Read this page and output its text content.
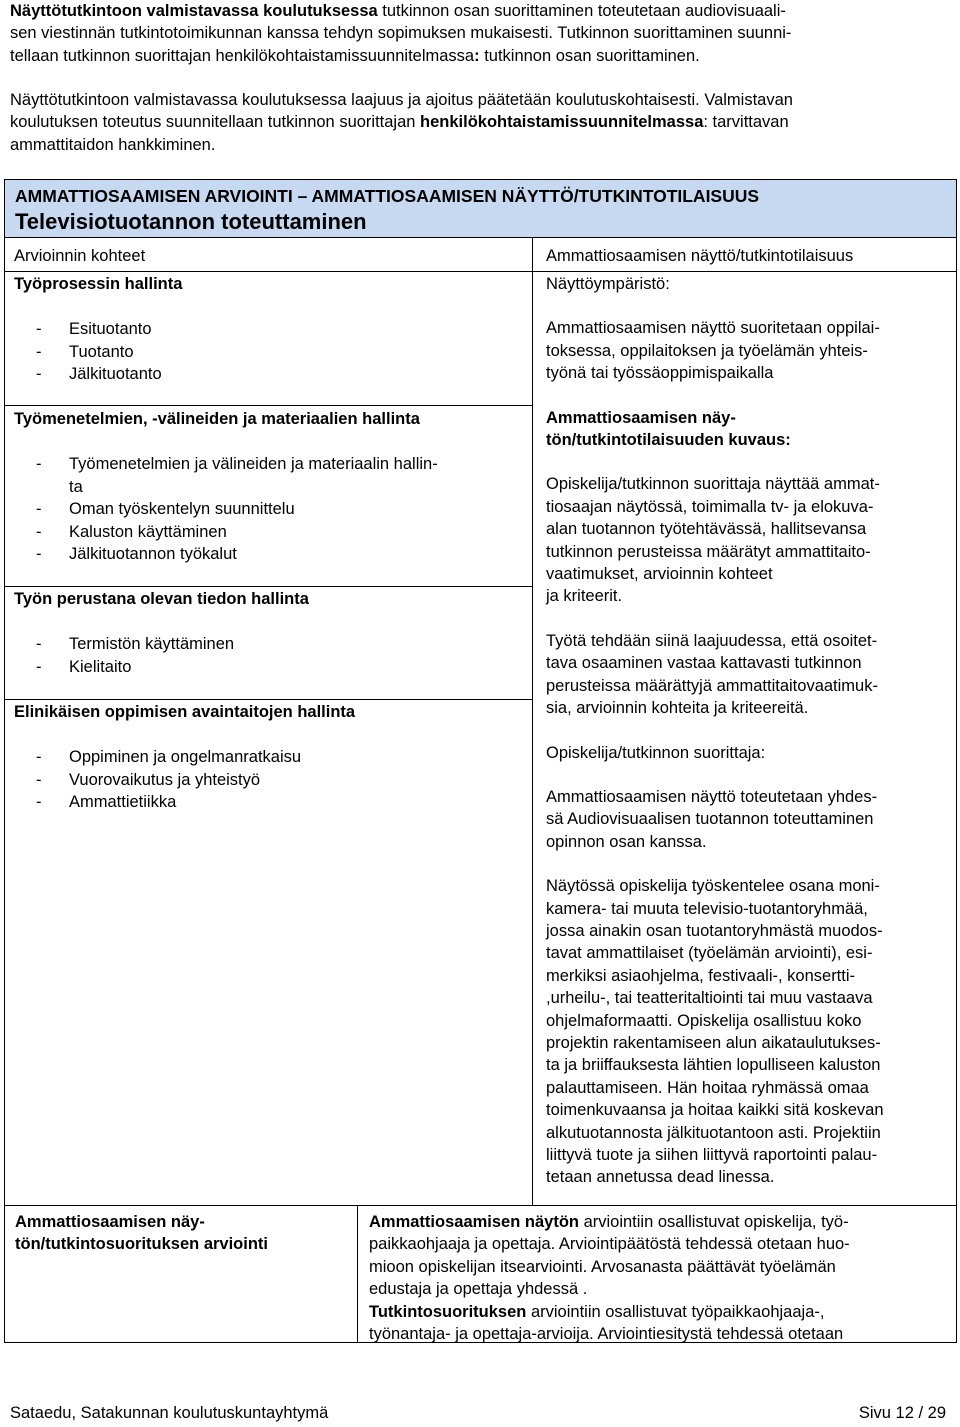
Näyttötutkintoon valmistavassa koulutuksessa tutkinnon osan suorittaminen toteutetaan audiovisuaali-
sen viestinnän tutkintotoimikunnan kanssa tehdyn sopimuksen mukaisesti. Tutkinnon suorittaminen suunni-
tellaan tutkinnon suorittajan henkilökohtaistamissuunnitelmassa: tutkinnon osan suorittaminen.

Näyttötutkintoon valmistavassa koulutuksessa laajuus ja ajoitus päätetään koulutuskohtaisesti. Valmistavan
koulutuksen toteutus suunnitellaan tutkinnon suorittajan henkilökohtaistamissuunnitelmassa: tarvittavan
ammattitaidon hankkiminen.

AMMATTIOSAAMISEN ARVIOINTI – AMMATTIOSAAMISEN NÄYTTÖ/TUTKINTOTILAISUUS
Televisiotuotannon toteuttaminen
Arvioinnin kohteet

Työprosessin hallinta

- Esituotanto
- Tuotanto
- Jälkituotanto

Työmenetelmien, -välineiden ja materiaalien hallinta

- Työmenetelmien ja välineiden ja materiaalin hallin-
ta
- Oman työskentelyn suunnittelu
- Kaluston käyttäminen
- Jälkituotannon työkalut

Työn perustana olevan tiedon hallinta

- Termistön käyttäminen
- Kielitaito

Elinikäisen oppimisen avaintaitojen hallinta

- Oppiminen ja ongelmanratkaisu
- Vuorovaikutus ja yhteistyö
- Ammattietiikka
Ammattiosaamisen näyttö/tutkintotilaisuus

Näyttöympäristö:

Ammattiosaamisen näyttö suoritetaan oppilai-
toksessa, oppilaitoksen ja työelämän yhteis-
työnä tai työssäoppimispaikalla

Ammattiosaamisen näy-
tön/tutkintotilaisuuden kuvaus:

Opiskelija/tutkinnon suorittaja näyttää ammat-
tiosaajan näytössä, toimimalla tv- ja elokuva-
alan tuotannon työtehtävässä, hallitsevansa
tutkinnon perusteissa määrätyt ammattitaito-
vaatimukset, arvioinnin kohteet
ja kriteerit.

Työtä tehdään siinä laajuudessa, että osoitet-
tava osaaminen vastaa kattavasti tutkinnon
perusteissa määrättyjä ammattitaitovaatimuk-
sia, arvioinnin kohteita ja kriteereitä.

Opiskelija/tutkinnon suorittaja:

Ammattiosaamisen näyttö toteutetaan yhdes-
sä Audiovisuaalisen tuotannon toteuttaminen
opinnon osan kanssa.

Näytössä opiskelija työskentelee osana moni-
kamera- tai muuta televisio-tuotantoryhmää,
jossa ainakin osan tuotantoryhmästä muodos-
tavat ammattilaiset (työelämän arviointi), esi-
merkiksi asiaohjelma, festivaali-, konsertti-
,urheilu-, tai teatteritaltiointi tai muu vastaava
ohjelmaformaatti. Opiskelija osallistuu koko
projektin rakentamiseen alun aikataulutukses-
ta ja briiffauksesta lähtien lopulliseen kaluston
palauttamiseen. Hän hoitaa ryhmässä omaa
toimenkuvaansa ja hoitaa kaikki sitä koskevan
alkutuotannosta jälkituotantoon asti. Projektiin
liittyvä tuote ja siihen liittyvä raportointi palau-
tetaan annetussa dead linessa.

Ammattiosaamisen näy-
tön/tutkintosuorituksen arviointi
Ammattiosaamisen näytön arviointiin osallistuvat opiskelija, työ-
paikkaohjaaja ja opettaja. Arviointipäätöstä tehdessä otetaan huo-
mioon opiskelijan itsearviointi. Arvosanasta päättävät työelämän
edustaja ja opettaja yhdessä .
Tutkintosuorituksen arviointiin osallistuvat työpaikkaohjaaja-,
työnantaja- ja opettaja-arvioija. Arviointiesitystä tehdessä otetaan
Sataedu, Satakunnan koulutuskuntayhtymä	Sivu 12 / 29
